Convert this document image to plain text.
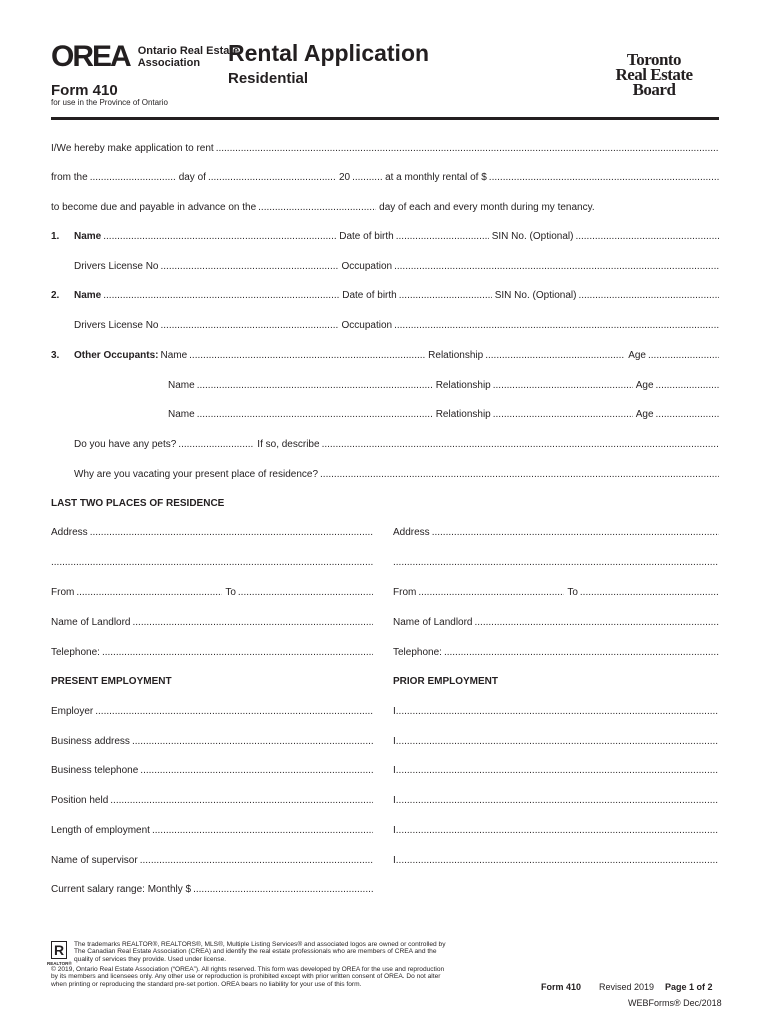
OREA Ontario Real Estate
Association
Form 410
for use in the Province of Ontario
Rental Application
Residential
Toronto
Real Estate
Board
I/We hereby make application to rent
.....
from the .....	day of .....	20 .....	at a monthly rental of $
.....
to become due and payable in advance on the .....	day of each and every month during my tenancy.
1.	Name .....	Date of birth .....	SIN No. (Optional)
.....
Drivers License No .....	Occupation
.....
2.	Name .....	Date of birth .....	SIN No. (Optional)
.....
Drivers License No .....	Occupation
.....
3.	Other Occupants: Name .....	Relationship .....	Age
.....
Name .....	Relationship .....	Age
.....
Name .....	Relationship .....	Age
.....
Do you have any pets? .....	If so, describe
.....
Why are you vacating your present place of residence?
.....
LAST TWO PLACES OF RESIDENCE
Address .....	Address
.....
.....
.....
From .....	To .....	From .....	To
.....
Name of Landlord .....	Name of Landlord
.....
Telephone: .....	Telephone:
.....
PRESENT EMPLOYMENT	PRIOR EMPLOYMENT
Employer .....	I
.....
Business address .....	I
.....
Business telephone .....	I
.....
Position held .....	I
.....
Length of employment .....	I
.....
Name of supervisor .....	I
.....
Current salary range: Monthly $
.....
R
REALTOR®
The trademarks REALTOR®, REALTORS®, MLS®, Multiple Listing Services® and associated logos are owned or controlled by
The Canadian Real Estate Association (CREA) and identify the real estate professionals who are members of CREA and the
quality of services they provide. Used under license.
© 2019, Ontario Real Estate Association (“OREA”). All rights reserved. This form was developed by OREA for the use and reproduction
by its members and licensees only. Any other use or reproduction is prohibited except with prior written consent of OREA. Do not alter
when printing or reproducing the standard pre-set portion. OREA bears no liability for your use of this form.	Form 410 Revised 2019 Page 1 of 2
WEBForms® Dec/2018
